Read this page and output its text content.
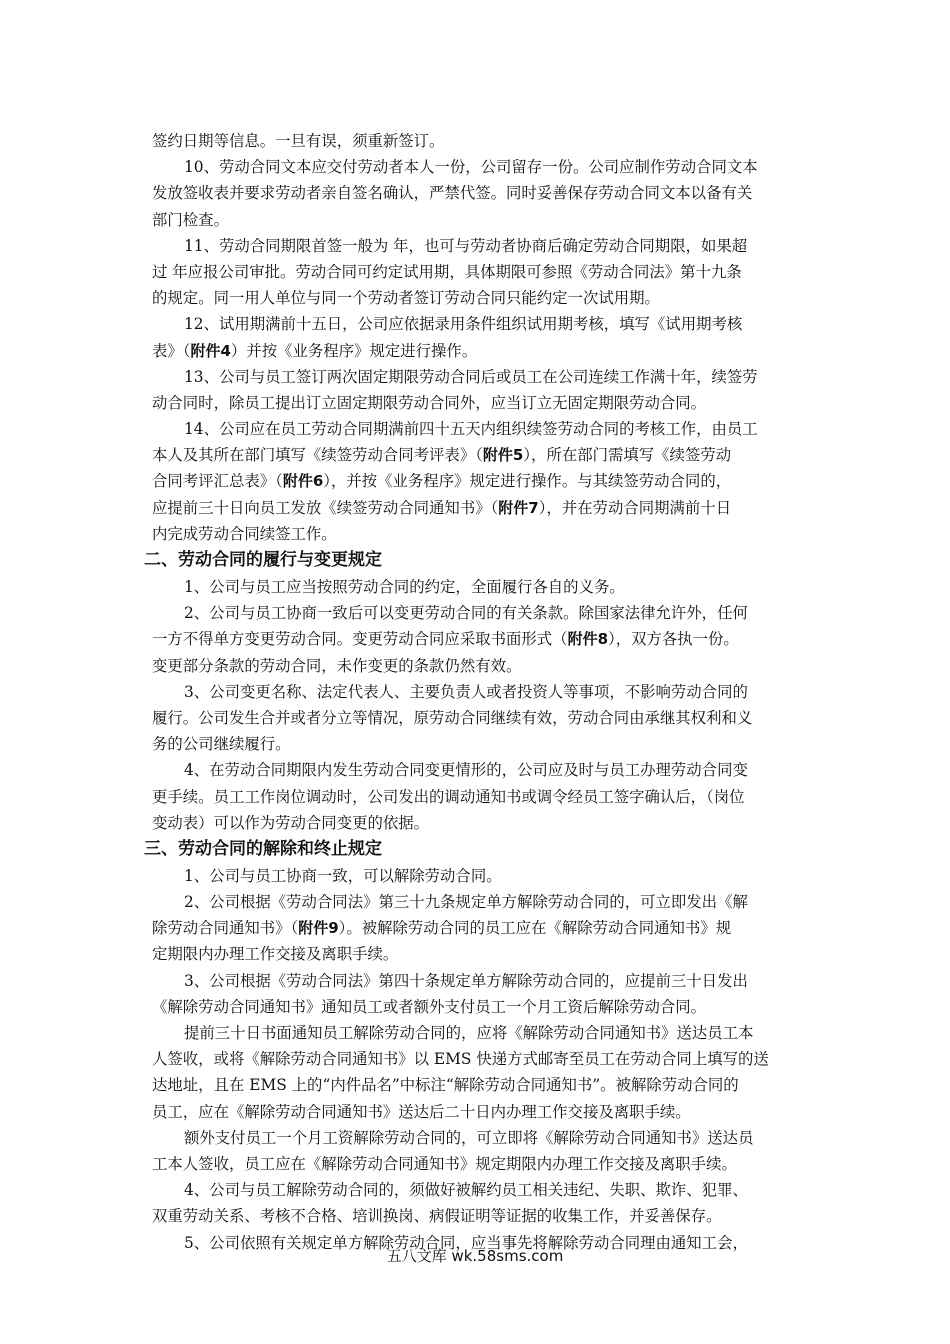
签约日期等信息。一旦有误，须重新签订。
10、劳动合同文本应交付劳动者本人一份，公司留存一份。公司应制作劳动合同文本
发放签收表并要求劳动者亲自签名确认，严禁代签。同时妥善保存劳动合同文本以备有关
部门检查。
11、劳动合同期限首签一般为 年，也可与劳动者协商后确定劳动合同期限，如果超
过 年应报公司审批。劳动合同可约定试用期，具体期限可参照《劳动合同法》第十九条
的规定。同一用人单位与同一个劳动者签订劳动合同只能约定一次试用期。
12、试用期满前十五日，公司应依据录用条件组织试用期考核，填写《试用期考核
表》（附件4）并按《业务程序》规定进行操作。
13、公司与员工签订两次固定期限劳动合同后或员工在公司连续工作满十年，续签劳
动合同时，除员工提出订立固定期限劳动合同外，应当订立无固定期限劳动合同。
14、公司应在员工劳动合同期满前四十五天内组织续签劳动合同的考核工作，由员工
本人及其所在部门填写《续签劳动合同考评表》（附件5），所在部门需填写《续签劳动
合同考评汇总表》（附件6），并按《业务程序》规定进行操作。与其续签劳动合同的，
应提前三十日向员工发放《续签劳动合同通知书》（附件7），并在劳动合同期满前十日
内完成劳动合同续签工作。
二、劳动合同的履行与变更规定
1、公司与员工应当按照劳动合同的约定，全面履行各自的义务。
2、公司与员工协商一致后可以变更劳动合同的有关条款。除国家法律允许外，任何
一方不得单方变更劳动合同。变更劳动合同应采取书面形式（附件8），双方各执一份。
变更部分条款的劳动合同，未作变更的条款仍然有效。
3、公司变更名称、法定代表人、主要负责人或者投资人等事项，不影响劳动合同的
履行。公司发生合并或者分立等情况，原劳动合同继续有效，劳动合同由承继其权利和义
务的公司继续履行。
4、在劳动合同期限内发生劳动合同变更情形的，公司应及时与员工办理劳动合同变
更手续。员工工作岗位调动时，公司发出的调动通知书或调令经员工签字确认后，（岗位
变动表）可以作为劳动合同变更的依据。
三、劳动合同的解除和终止规定
1、公司与员工协商一致，可以解除劳动合同。
2、公司根据《劳动合同法》第三十九条规定单方解除劳动合同的，可立即发出《解
除劳动合同通知书》（附件9）。被解除劳动合同的员工应在《解除劳动合同通知书》规
定期限内办理工作交接及离职手续。
3、公司根据《劳动合同法》第四十条规定单方解除劳动合同的，应提前三十日发出
《解除劳动合同通知书》通知员工或者额外支付员工一个月工资后解除劳动合同。
提前三十日书面通知员工解除劳动合同的，应将《解除劳动合同通知书》送达员工本
人签收，或将《解除劳动合同通知书》以 EMS 快递方式邮寄至员工在劳动合同上填写的送
达地址，且在 EMS 上的“内件品名”中标注“解除劳动合同通知书”。被解除劳动合同的
员工，应在《解除劳动合同通知书》送达后二十日内办理工作交接及离职手续。
额外支付员工一个月工资解除劳动合同的，可立即将《解除劳动合同通知书》送达员
工本人签收，员工应在《解除劳动合同通知书》规定期限内办理工作交接及离职手续。
4、公司与员工解除劳动合同的，须做好被解约员工相关违纪、失职、欺诈、犯罪、
双重劳动关系、考核不合格、培训换岗、病假证明等证据的收集工作，并妥善保存。
5、公司依照有关规定单方解除劳动合同，应当事先将解除劳动合同理由通知工会，
五八文库 wk.58sms.com
